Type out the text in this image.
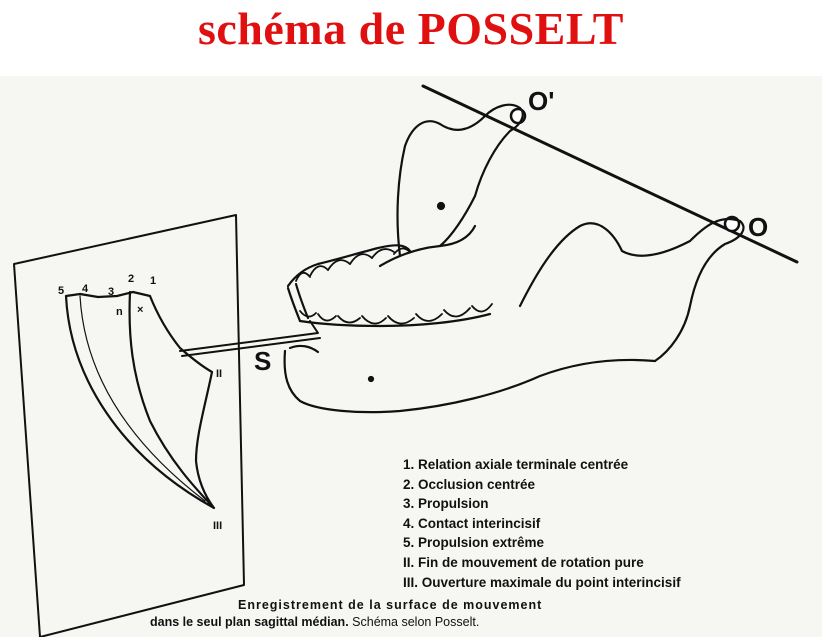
schéma de POSSELT
O'
O
S
5 4 3
2 1
n ×
II
III
1. Relation axiale terminale centrée
2. Occlusion centrée
3. Propulsion
4. Contact interincisif
5. Propulsion extrême
II. Fin de mouvement de rotation pure
III. Ouverture maximale du point interincisif
Enregistrement de la surface de mouvement
dans le seul plan sagittal médian. Schéma selon Posselt.
